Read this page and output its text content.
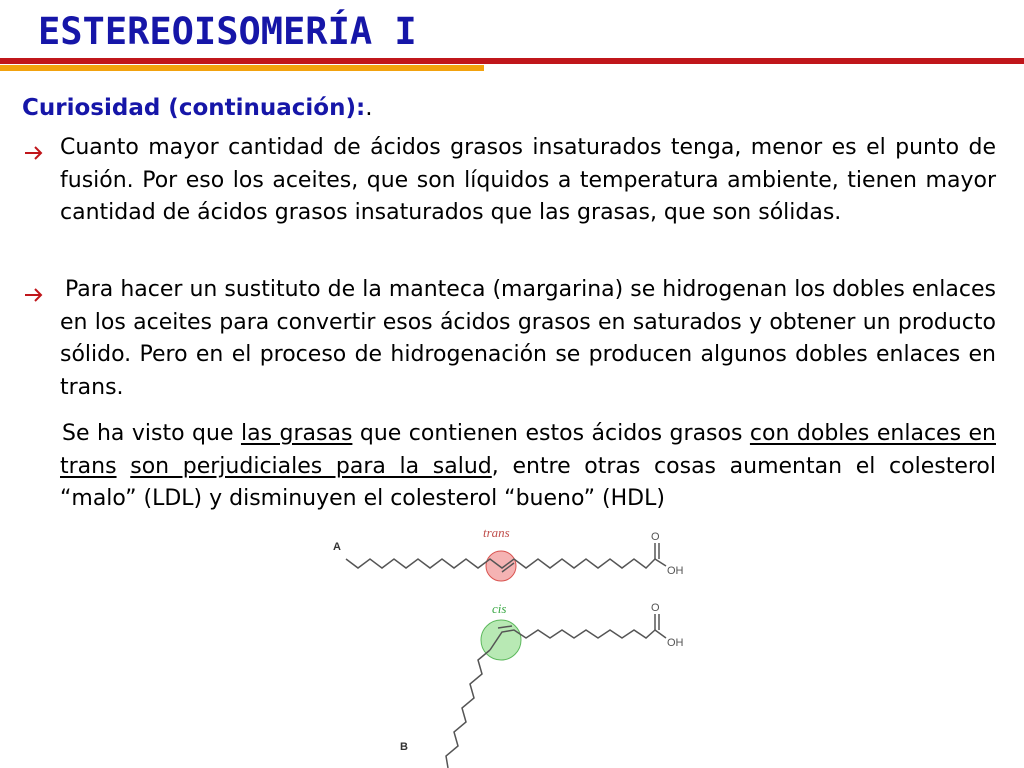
ESTEREOISOMERÍA I
Curiosidad (continuación):.

Cuanto mayor cantidad de ácidos grasos insaturados tenga, menor es el punto de fusión. Por eso los aceites, que son líquidos a temperatura ambiente, tienen mayor cantidad de ácidos grasos insaturados que las grasas, que son sólidas.

Para hacer un sustituto de la manteca (margarina) se hidrogenan los dobles enlaces en los aceites para convertir esos ácidos grasos en saturados y obtener un producto sólido. Pero en el proceso de hidrogenación se producen algunos dobles enlaces en trans.

Se ha visto que las grasas que contienen estos ácidos grasos con dobles enlaces en trans son perjudiciales para la salud, entre otras cosas aumentan el colesterol “malo” (LDL) y disminuyen el colesterol “bueno” (HDL)

A
trans	O
OH
cis	O
OH
B
